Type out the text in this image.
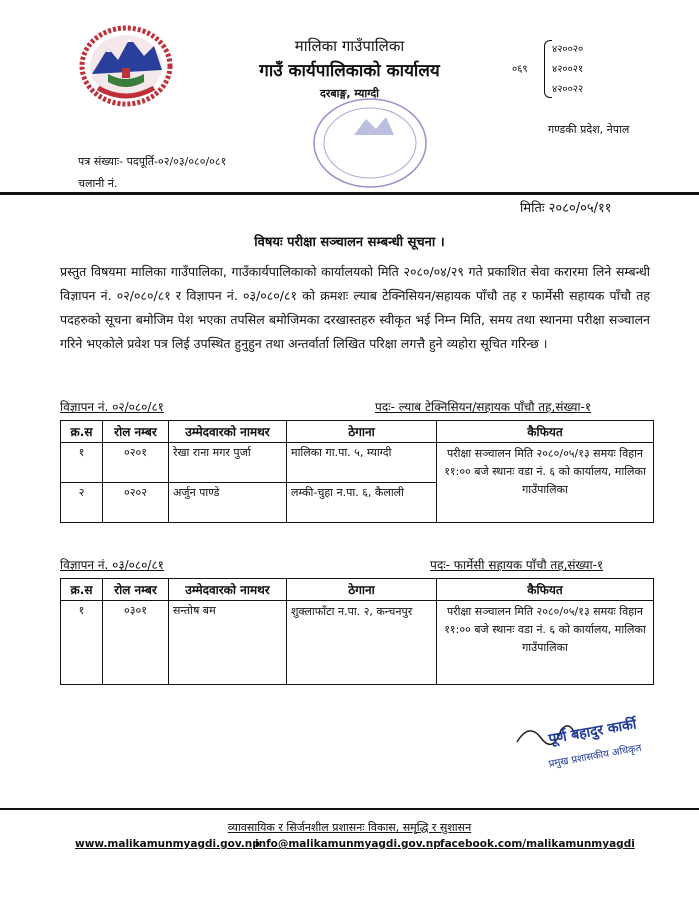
मालिका गाउँपालिका
गाउँ कार्यपालिकाको कार्यालय
दरबाङ्ग, म्याग्दी
०६९
४२००२०
४२००२१
४२००२२
गण्डकी प्रदेश, नेपाल
पत्र संख्याः- पदपूर्ति-०२/०३/०८०/०८१
चलानी नं.
मितिः २०८०/०५/११
विषयः परीक्षा सञ्चालन सम्बन्धी सूचना ।
प्रस्तुत विषयमा मालिका गाउँपालिका, गाउँकार्यपालिकाको कार्यालयको मिति २०८०/०४/२९ गते प्रकाशित सेवा करारमा लिने सम्बन्धी विज्ञापन नं. ०२/०८०/८१ र विज्ञापन नं. ०३/०८०/८१ को क्रमशः ल्याब टेक्निसियन/सहायक पाँचौ तह र फार्मेसी सहायक पाँचौ तह पदहरुको सूचना बमोजिम पेश भएका तपसिल बमोजिमका दरखास्तहरु स्वीकृत भई निम्न मिति, समय तथा स्थानमा परीक्षा सञ्चालन गरिने भएकोले प्रवेश पत्र लिई उपस्थित हुनुहुन तथा अन्तर्वार्ता लिखित परिक्षा लगत्तै हुने व्यहोरा सूचित गरिन्छ ।
विज्ञापन नं. ०२/०८०/८१	पदः- ल्याब टेक्निसियन/सहायक पाँचौ तह,संख्या-१
क्र.स	रोल नम्बर	उम्मेदवारको नामथर	ठेगाना	कैफियत
१	०२०१	रेखा राना मगर पुर्जा	मालिका गा.पा. ५, म्याग्दी	परीक्षा सञ्चालन मिति २०८०/०५/१३ समयः विहान ११:०० बजे स्थानः वडा नं. ६ को कार्यालय, मालिका गाउँपालिका
२	०२०२	अर्जुन पाण्डे	लम्की-चुहा न.पा. ६, कैलाली	
विज्ञापन नं. ०३/०८०/८१	पदः- फार्मेसी सहायक पाँचौ तह,संख्या-१
क्र.स	रोल नम्बर	उम्मेदवारको नामथर	ठेगाना	कैफियत
१	०३०१	सन्तोष बम	शुक्लाफाँटा न.पा. २, कन्चनपुर	परीक्षा सञ्चालन मिति २०८०/०५/१३ समयः विहान ११:०० बजे स्थानः वडा नं. ६ को कार्यालय, मालिका गाउँपालिका
पूर्ण बहादुर कार्की
प्रमुख प्रशासकीय अधिकृत
व्यावसायिक र सिर्जनशील प्रशासनः विकास, समृद्धि र सुशासन
www.malikamunmyagdi.gov.np
info@malikamunmyagdi.gov.np facebook.com/malikamunmyagdi
